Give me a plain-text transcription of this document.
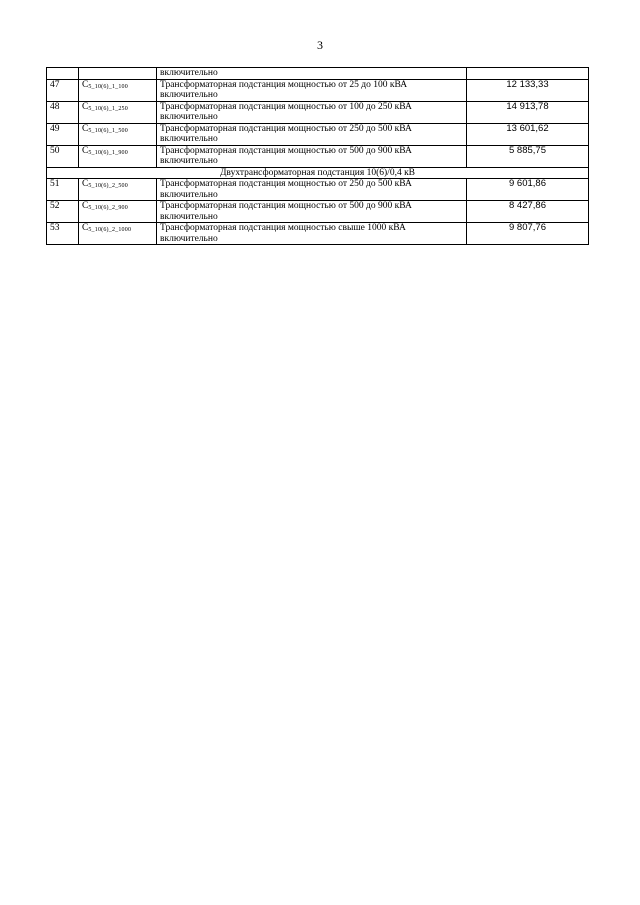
3
		включительно	
47	$C_{5\_10(6)\_1\_100}$	Трансформаторная подстанция мощностью от 25 до 100 кВА включительно	12 133,33
48	$C_{5\_10(6)\_1\_250}$	Трансформаторная подстанция мощностью от 100 до 250 кВА включительно	14 913,78
49	$C_{5\_10(6)\_1\_500}$	Трансформаторная подстанция мощностью от 250 до 500 кВА включительно	13 601,62
50	$C_{5\_10(6)\_1\_900}$	Трансформаторная подстанция мощностью от 500 до 900 кВА включительно	5 885,75
Двухтрансформаторная подстанция 10(6)/0,4 кВ			
51	$C_{5\_10(6)\_2\_500}$	Трансформаторная подстанция мощностью от 250 до 500 кВА включительно	9 601,86
52	$C_{5\_10(6)\_2\_900}$	Трансформаторная подстанция мощностью от 500 до 900 кВА включительно	8 427,86
53	$C_{5\_10(6)\_2\_1000}$	Трансформаторная подстанция мощностью свыше 1000 кВА включительно	9 807,76
